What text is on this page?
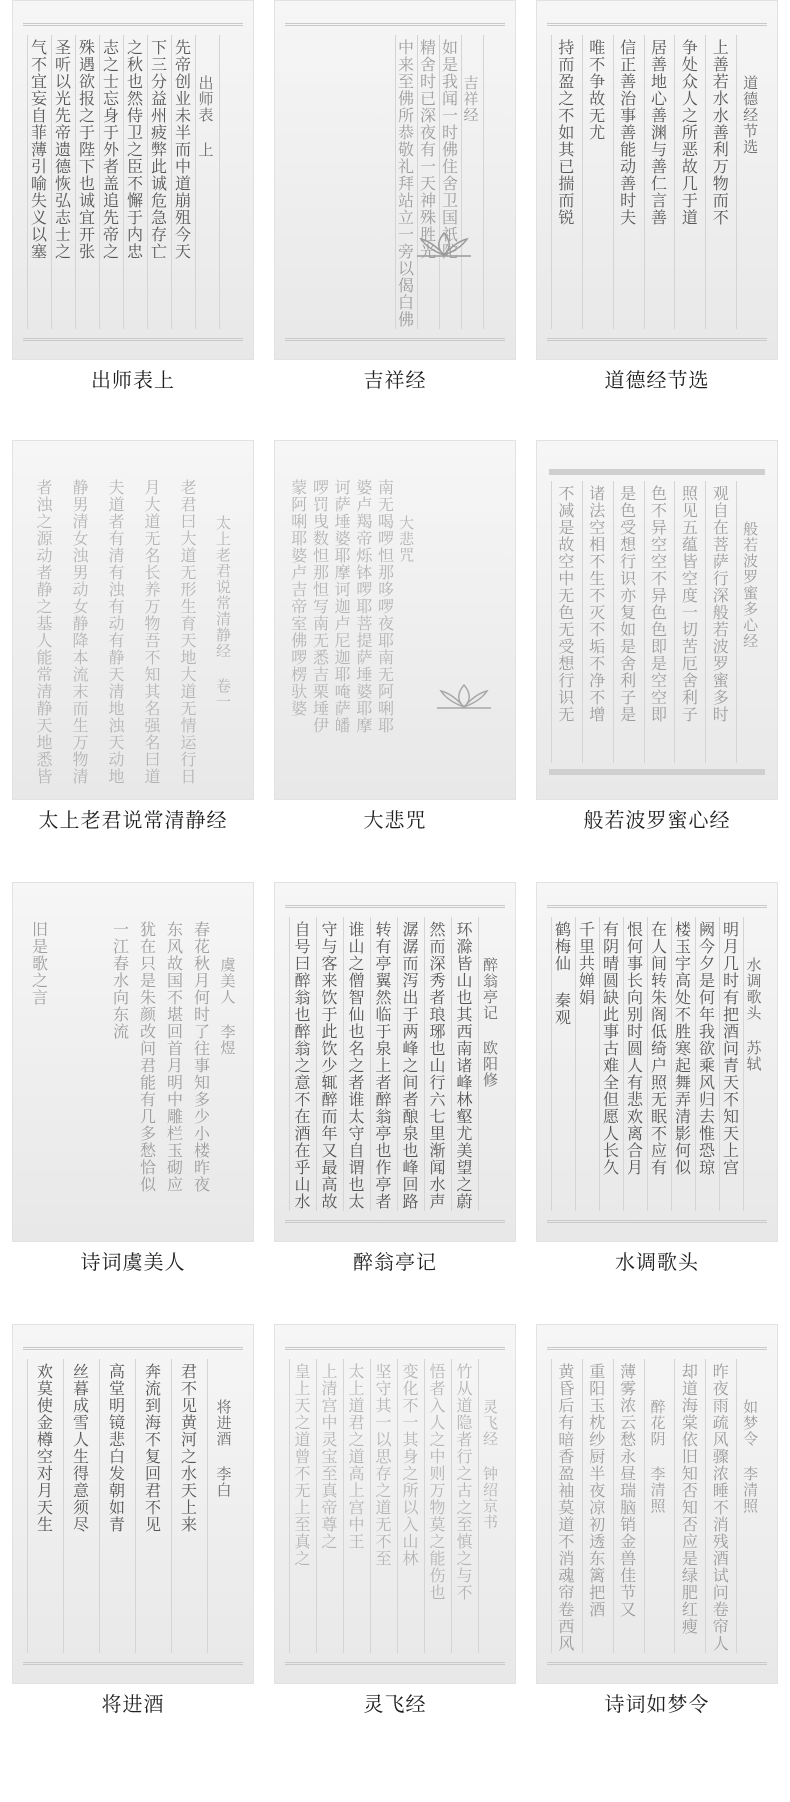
出师表 上
先帝创业未半而中道崩殂今天
下三分益州疲弊此诚危急存亡
之秋也然侍卫之臣不懈于内忠
志之士忘身于外者盖追先帝之
殊遇欲报之于陛下也诚宜开张
圣听以光先帝遗德恢弘志士之
气不宜妄自菲薄引喻失义以塞
出师表上
吉祥经
如是我闻一时佛住舍卫国祇陀
精舍时已深夜有一天神殊胜光
中来至佛所恭敬礼拜站立一旁以偈白佛
吉祥经
道德经节选
上善若水水善利万物而不
争处众人之所恶故几于道
居善地心善渊与善仁言善
信正善治事善能动善时夫
唯不争故无尤
持而盈之不如其已揣而锐
道德经节选
太上老君说常清静经 卷一
老君曰大道无形生育天地大道无情运行日
月大道无名长养万物吾不知其名强名曰道
夫道者有清有浊有动有静天清地浊天动地
静男清女浊男动女静降本流末而生万物清
者浊之源动者静之基人能常清静天地悉皆
太上老君说常清静经
大悲咒
南无喝啰怛那哆啰夜耶南无阿唎耶
婆卢羯帝烁钵啰耶菩提萨埵婆耶摩
诃萨埵婆耶摩诃迦卢尼迦耶唵萨皤
啰罚曳数怛那怛写南无悉吉栗埵伊
蒙阿唎耶婆卢吉帝室佛啰楞驮婆
大悲咒
般若波罗蜜多心经
观自在菩萨行深般若波罗蜜多时
照见五蕴皆空度一切苦厄舍利子
色不异空空不异色色即是空空即
是色受想行识亦复如是舍利子是
诸法空相不生不灭不垢不净不增
不减是故空中无色无受想行识无
般若波罗蜜心经
虞美人 李煜
春花秋月何时了往事知多少小楼昨夜
东风故国不堪回首月明中雕栏玉砌应
犹在只是朱颜改问君能有几多愁恰似
一江春水向东流
旧是歌之言
诗词虞美人
醉翁亭记 欧阳修
环滁皆山也其西南诸峰林壑尤美望之蔚
然而深秀者琅琊也山行六七里渐闻水声
潺潺而泻出于两峰之间者酿泉也峰回路
转有亭翼然临于泉上者醉翁亭也作亭者
谁山之僧智仙也名之者谁太守自谓也太
守与客来饮于此饮少辄醉而年又最高故
自号曰醉翁也醉翁之意不在酒在乎山水
醉翁亭记
水调歌头 苏轼
明月几时有把酒问青天不知天上宫
阙今夕是何年我欲乘风归去惟恐琼
楼玉宇高处不胜寒起舞弄清影何似
在人间转朱阁低绮户照无眠不应有
恨何事长向别时圆人有悲欢离合月
有阴晴圆缺此事古难全但愿人长久
千里共婵娟
鹤梅仙 秦观
水调歌头
将进酒 李白
君不见黄河之水天上来
奔流到海不复回君不见
高堂明镜悲白发朝如青
丝暮成雪人生得意须尽
欢莫使金樽空对月天生
将进酒
灵飞经 钟绍京书
竹从道隐者行之古之至慎之与不
悟者入人之中则万物莫之能伤也
变化不一其身之所以入山林
坚守其一以思存之道无不至
太上道君之道高上宫中王
上清宫中灵宝至真帝尊之
皇上天之道曾不无上至真之
灵飞经
如梦令 李清照
昨夜雨疏风骤浓睡不消残酒试问卷帘人
却道海棠依旧知否知否应是绿肥红瘦
醉花阴 李清照
薄雾浓云愁永昼瑞脑销金兽佳节又
重阳玉枕纱厨半夜凉初透东篱把酒
黄昏后有暗香盈袖莫道不消魂帘卷西风
诗词如梦令
